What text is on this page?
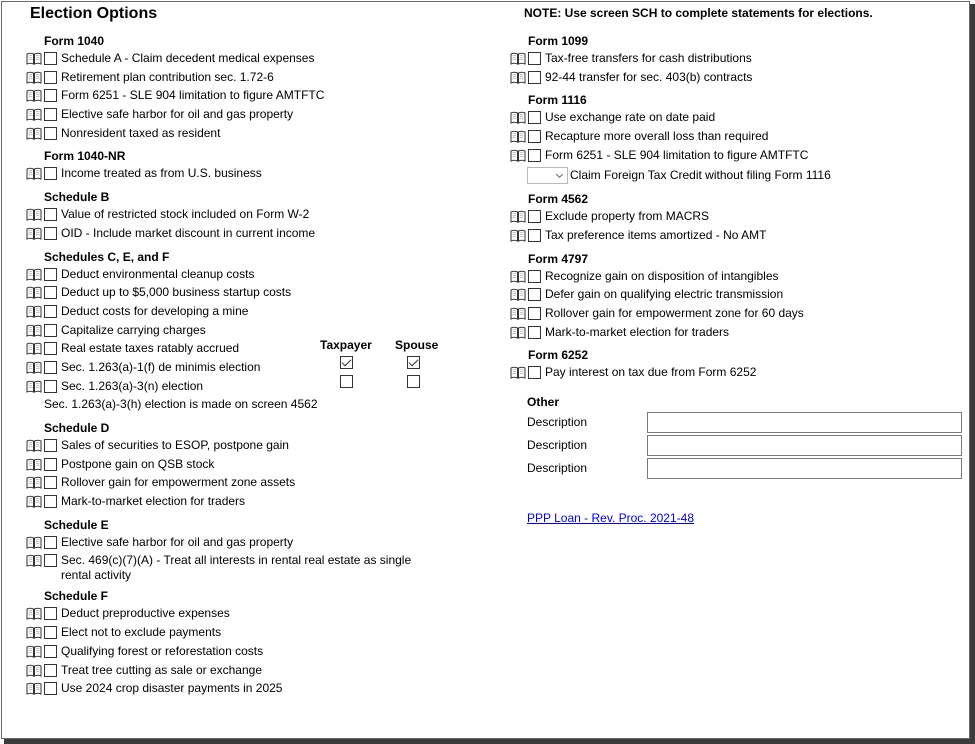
Election Options	NOTE: Use screen SCH to complete statements for elections.
Form 1040
Schedule A - Claim decedent medical expenses
Retirement plan contribution sec. 1.72-6
Form 6251 - SLE 904 limitation to figure AMTFTC
Elective safe harbor for oil and gas property
Nonresident taxed as resident
Form 1040-NR
Income treated as from U.S. business
Schedule B
Value of restricted stock included on Form W-2
OID - Include market discount in current income
Schedules C, E, and F
Deduct environmental cleanup costs
Deduct up to $5,000 business startup costs
Deduct costs for developing a mine
Capitalize carrying charges
Real estate taxes ratably accrued
Sec. 1.263(a)-1(f) de minimis election
Sec. 1.263(a)-3(n) election
Sec. 1.263(a)-3(h) election is made on screen 4562
Schedule D
Sales of securities to ESOP, postpone gain
Postpone gain on QSB stock
Rollover gain for empowerment zone assets
Mark-to-market election for traders
Schedule E
Elective safe harbor for oil and gas property
Sec. 469(c)(7)(A) - Treat all interests in rental real estate as single
rental activity
Schedule F
Deduct preproductive expenses
Elect not to exclude payments
Qualifying forest or reforestation costs
Treat tree cutting as sale or exchange
Use 2024 crop disaster payments in 2025
Form 1099
Tax-free transfers for cash distributions
92-44 transfer for sec. 403(b) contracts
Form 1116
Use exchange rate on date paid
Recapture more overall loss than required
Form 6251 - SLE 904 limitation to figure AMTFTC
Claim Foreign Tax Credit without filing Form 1116
Form 4562
Exclude property from MACRS
Tax preference items amortized - No AMT
Form 4797
Recognize gain on disposition of intangibles
Defer gain on qualifying electric transmission
Rollover gain for empowerment zone for 60 days
Mark-to-market election for traders
Form 6252
Pay interest on tax due from Form 6252
Other
Description
Description
Description
PPP Loan - Rev. Proc. 2021-48
Taxpayer Spouse
